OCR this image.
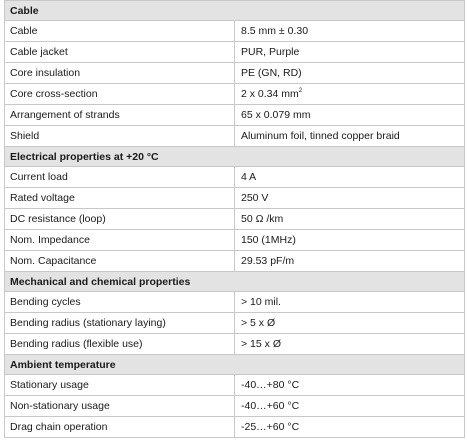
Cable	
Cable	8.5 mm ± 0.30
Cable jacket	PUR, Purple
Core insulation	PE (GN, RD)
Core cross-section	2 x 0.34 $mm^2$
Arrangement of strands	65 x 0.079 mm
Shield	Aluminum foil, tinned copper braid
Electrical properties at +20 °C	
Current load	4 A
Rated voltage	250 V
DC resistance (loop)	50 Ω /km
Nom. Impedance	150 (1MHz)
Nom. Capacitance	29.53 pF/m
Mechanical and chemical properties	
Bending cycles	> 10 mil.
Bending radius (stationary laying)	> 5 x Ø
Bending radius (flexible use)	> 15 x Ø
Ambient temperature	
Stationary usage	-40…+80 °C
Non-stationary usage	-40…+60 °C
Drag chain operation	-25…+60 °C
